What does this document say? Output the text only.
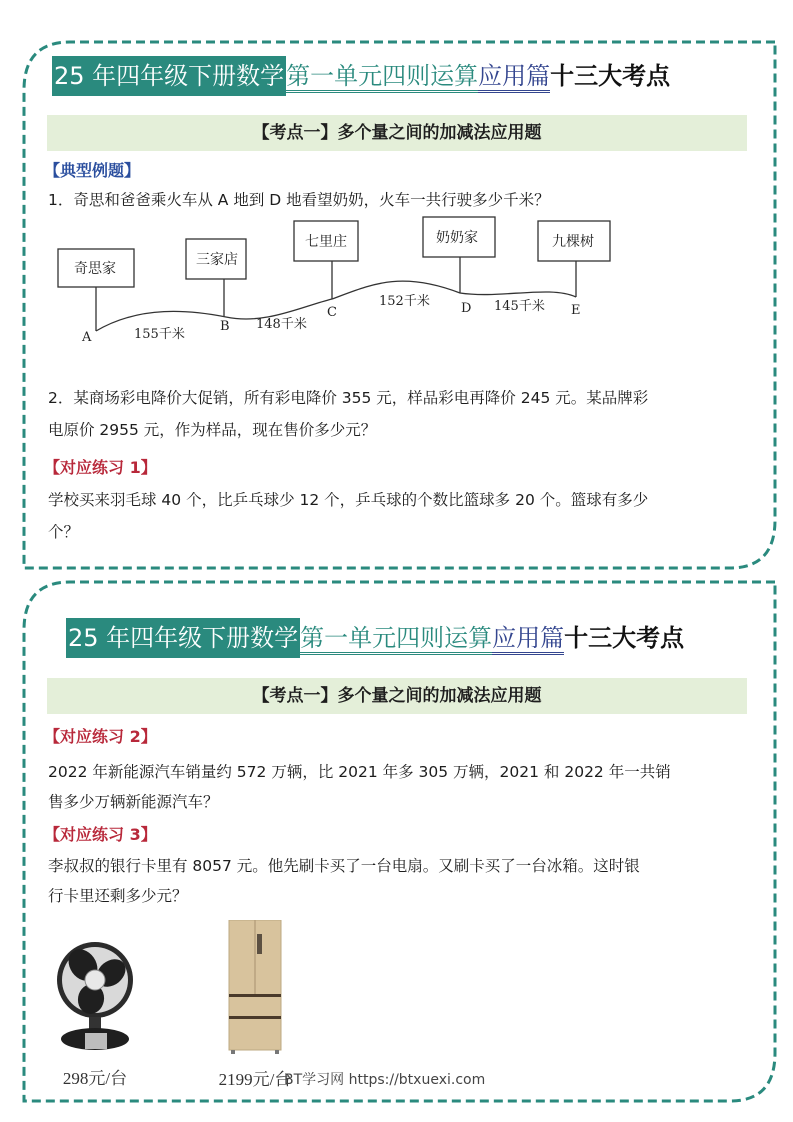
25 年四年级下册数学第一单元四则运算应用篇十三大考点
【考点一】多个量之间的加减法应用题
【典型例题】
1．奇思和爸爸乘火车从 A 地到 D 地看望奶奶，火车一共行驶多少千米？
奇思家
三家店
七里庄	奶奶家	九棵树
A
B
C	D	E
155千米
148千米
152千米	145千米
2．某商场彩电降价大促销，所有彩电降价 355 元，样品彩电再降价 245 元。某品牌彩
电原价 2955 元，作为样品，现在售价多少元？
【对应练习 1】
学校买来羽毛球 40 个，比乒乓球少 12 个，乒乓球的个数比篮球多 20 个。篮球有多少
个？
25 年四年级下册数学第一单元四则运算应用篇十三大考点
【考点一】多个量之间的加减法应用题
【对应练习 2】
2022 年新能源汽车销量约 572 万辆，比 2021 年多 305 万辆，2021 和 2022 年一共销
售多少万辆新能源汽车？
【对应练习 3】
李叔叔的银行卡里有 8057 元。他先刷卡买了一台电扇。又刷卡买了一台冰箱。这时银
行卡里还剩多少元？
298元/台	2199元/台
BT学习网 https://btxuexi.com
